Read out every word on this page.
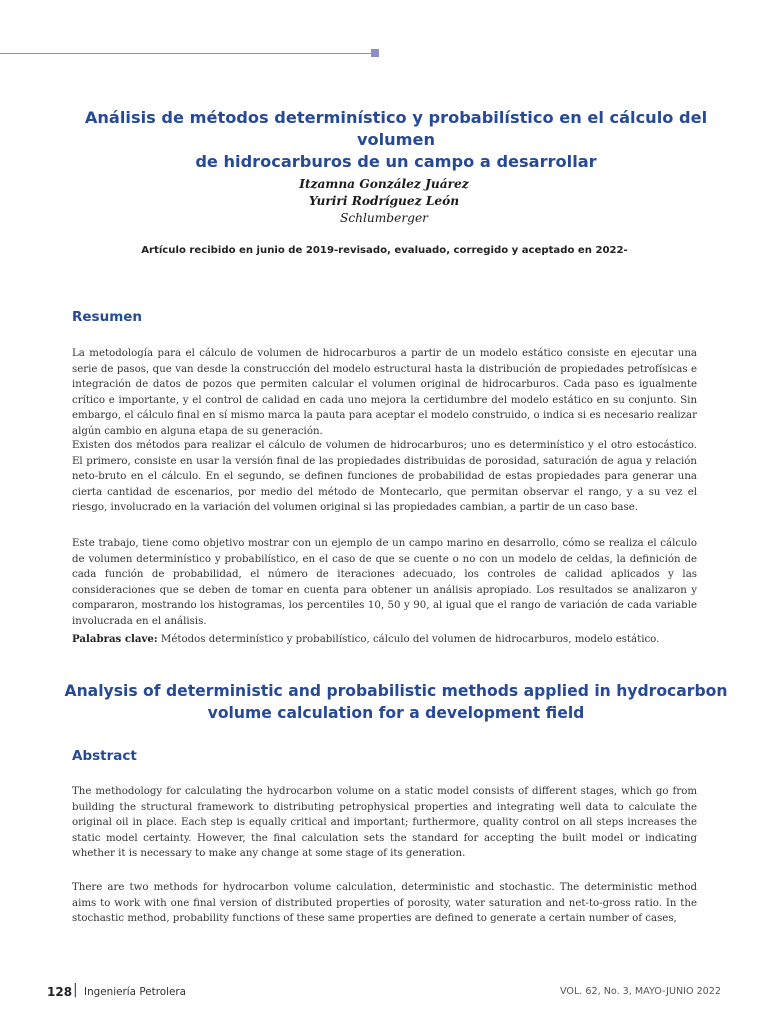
Análisis de métodos determinístico y probabilístico en el cálculo del volumen
de hidrocarburos de un campo a desarrollar
Itzamna González Juárez
Yuriri Rodríguez León
Schlumberger
Artículo recibido en junio de 2019-revisado, evaluado, corregido y aceptado en 2022-
Resumen
La metodología para el cálculo de volumen de hidrocarburos a partir de un modelo estático consiste en ejecutar una serie de pasos, que van desde la construcción del modelo estructural hasta la distribución de propiedades petrofísicas e integración de datos de pozos que permiten calcular el volumen original de hidrocarburos. Cada paso es igualmente crítico e importante, y el control de calidad en cada uno mejora la certidumbre del modelo estático en su conjunto. Sin embargo, el cálculo final en sí mismo marca la pauta para aceptar el modelo construido, o indica si es necesario realizar algún cambio en alguna etapa de su generación.
Existen dos métodos para realizar el cálculo de volumen de hidrocarburos; uno es determinístico y el otro estocástico. El primero, consiste en usar la versión final de las propiedades distribuidas de porosidad, saturación de agua y relación neto-bruto en el cálculo. En el segundo, se definen funciones de probabilidad de estas propiedades para generar una cierta cantidad de escenarios, por medio del método de Montecarlo, que permitan observar el rango, y a su vez el riesgo, involucrado en la variación del volumen original si las propiedades cambian, a partir de un caso base.
Este trabajo, tiene como objetivo mostrar con un ejemplo de un campo marino en desarrollo, cómo se realiza el cálculo de volumen determinístico y probabilístico, en el caso de que se cuente o no con un modelo de celdas, la definición de cada función de probabilidad, el número de iteraciones adecuado, los controles de calidad aplicados y las consideraciones que se deben de tomar en cuenta para obtener un análisis apropiado. Los resultados se analizaron y compararon, mostrando los histogramas, los percentiles 10, 50 y 90, al igual que el rango de variación de cada variable involucrada en el análisis.
Palabras clave: Métodos determinístico y probabilístico, cálculo del volumen de hidrocarburos, modelo estático.
Analysis of deterministic and probabilistic methods applied in hydrocarbon
volume calculation for a development field
Abstract
The methodology for calculating the hydrocarbon volume on a static model consists of different stages, which go from building the structural framework to distributing petrophysical properties and integrating well data to calculate the original oil in place. Each step is equally critical and important; furthermore, quality control on all steps increases the static model certainty. However, the final calculation sets the standard for accepting the built model or indicating whether it is necessary to make any change at some stage of its generation.
There are two methods for hydrocarbon volume calculation, deterministic and stochastic. The deterministic method aims to work with one final version of distributed properties of porosity, water saturation and net-to-gross ratio. In the stochastic method, probability functions of these same properties are defined to generate a certain number of cases,
128 | Ingeniería Petrolera	VOL. 62, No. 3, MAYO-JUNIO 2022
